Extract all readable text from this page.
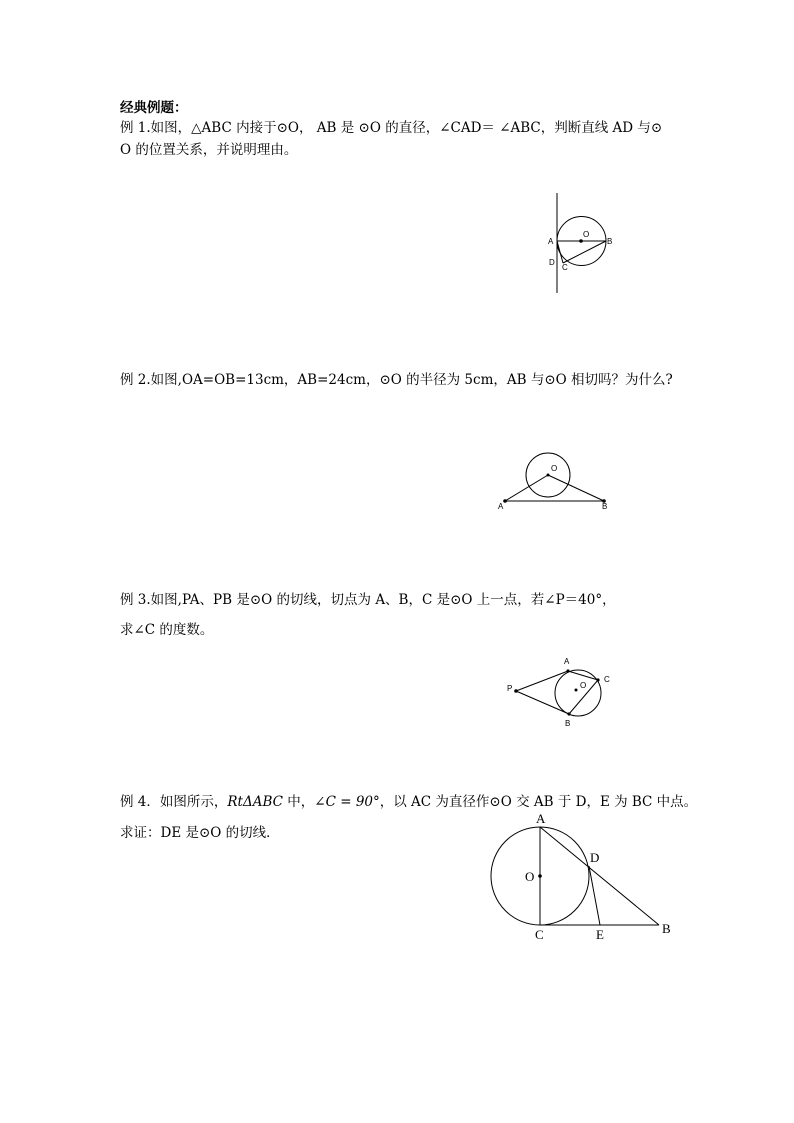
经典例题：
例 1.如图，△ABC 内接于⊙O， AB 是 ⊙O 的直径，∠CAD＝ ∠ABC，判断直线 AD 与⊙
O 的位置关系，并说明理由。
A	B
O
D
C
例 2.如图,OA=OB=13cm，AB=24cm，⊙O 的半径为 5cm，AB 与⊙O 相切吗？为什么?
O
A	B
例 3.如图,PA、PB 是⊙O 的切线，切点为 A、B，C 是⊙O 上一点，若∠P＝40°，
求∠C 的度数。
P
A
O
C
B
例 4．如图所示，RtΔABC 中，∠C = 90°，以 AC 为直径作⊙O 交 AB 于 D，E 为 BC 中点。
求证：DE 是⊙O 的切线．
A
D
O
C	E	B
